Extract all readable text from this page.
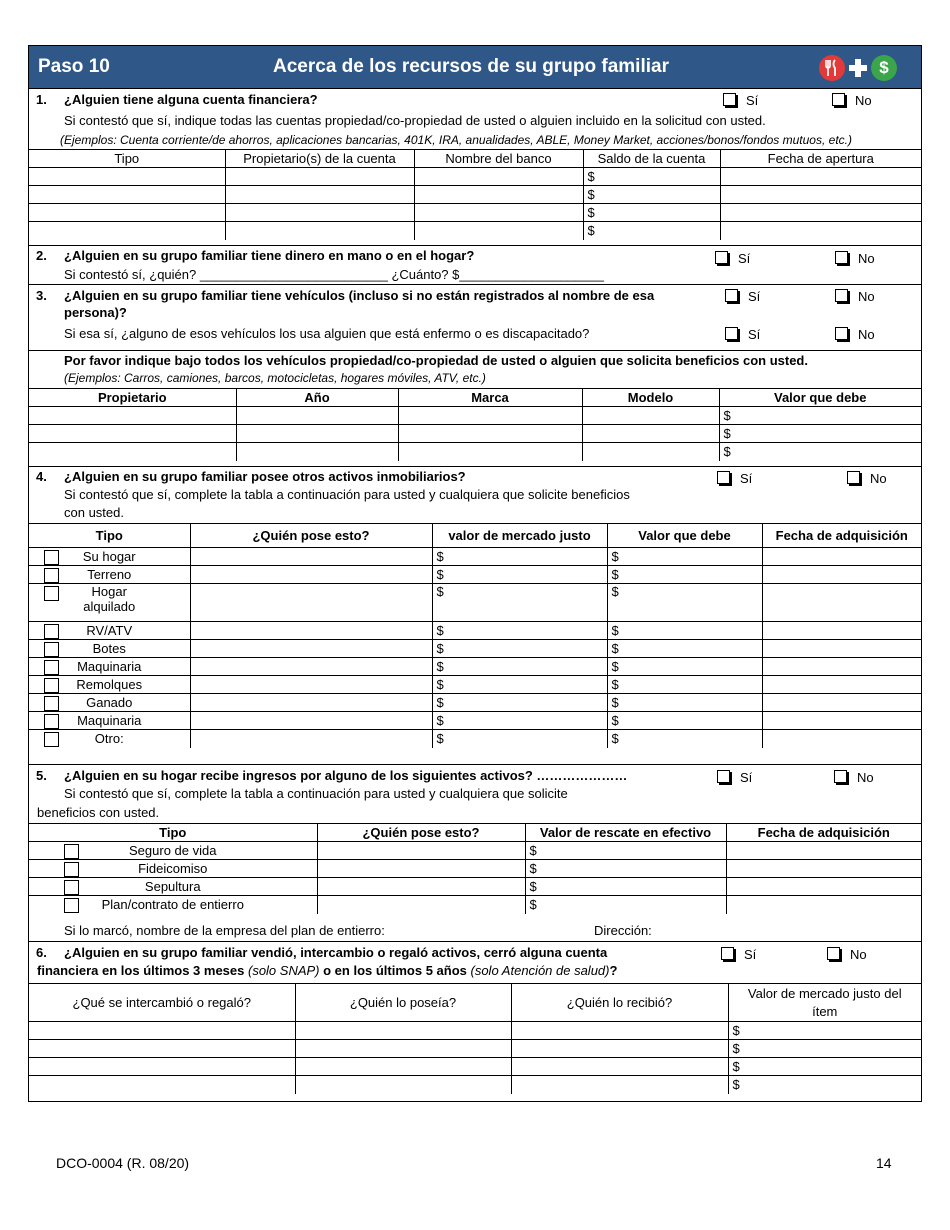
Paso 10	Acerca de los recursos de su grupo familiar	$
1. ¿Alguien tiene alguna cuenta financiera?	Sí	No
Si contestó que sí, indique todas las cuentas propiedad/co-propiedad de usted o alguien incluido en la solicitud con usted.
(Ejemplos: Cuenta corriente/de ahorros, aplicaciones bancarias, 401K, IRA, anualidades, ABLE, Money Market, acciones/bonos/fondos mutuos, etc.)
Tipo	Propietario(s) de la cuenta	Nombre del banco	Saldo de la cuenta	Fecha de apertura
			$	
			$	
			$	
			$	
2. ¿Alguien en su grupo familiar tiene dinero en mano o en el hogar?	Sí	No
Si contestó sí, ¿quién? __________________________ ¿Cuánto? $____________________
3. ¿Alguien en su grupo familiar tiene vehículos (incluso si no están registrados al nombre de esa
persona)?
Sí	No
Si esa sí, ¿alguno de esos vehículos los usa alguien que está enfermo o es discapacitado?	Sí	No
Por favor indique bajo todos los vehículos propiedad/co-propiedad de usted o alguien que solicita beneficios con usted.
(Ejemplos: Carros, camiones, barcos, motocicletas, hogares móviles, ATV, etc.)
Propietario	Año	Marca	Modelo	Valor que debe
				$
				$
				$
4. ¿Alguien en su grupo familiar posee otros activos inmobiliarios?	Sí	No
Si contestó que sí, complete la tabla a continuación para usted y cualquiera que solicite beneficios
con usted.
Tipo	¿Quién pose esto?	valor de mercado justo	Valor que debe	Fecha de adquisición

Su hogar		$	$	

Terreno		$	$	

Hogar alquilado		$	$	

RV/ATV		$	$	

Botes		$	$	

Maquinaria		$	$	

Remolques		$	$	

Ganado		$	$	

Maquinaria		$	$	

Otro:		$	$	
5. ¿Alguien en su hogar recibe ingresos por alguno de los siguientes activos? …………………	Sí	No
Si contestó que sí, complete la tabla a continuación para usted y cualquiera que solicite
beneficios con usted.
Tipo	¿Quién pose esto?	Valor de rescate en efectivo	Fecha de adquisición

Seguro de vida		$	

Fideicomiso		$	

Sepultura		$	

Plan/contrato de entierro		$	
Si lo marcó, nombre de la empresa del plan de entierro:	Dirección:
6. ¿Alguien en su grupo familiar vendió, intercambio o regaló activos, cerró alguna cuenta
financiera en los últimos 3 meses (solo SNAP) o en los últimos 5 años (solo Atención de salud)?
Sí	No
¿Qué se intercambió o regaló?	¿Quién lo poseía?	¿Quién lo recibió?	Valor de mercado justo del ítem
			$
			$
			$
			$
DCO-0004 (R. 08/20)	14
